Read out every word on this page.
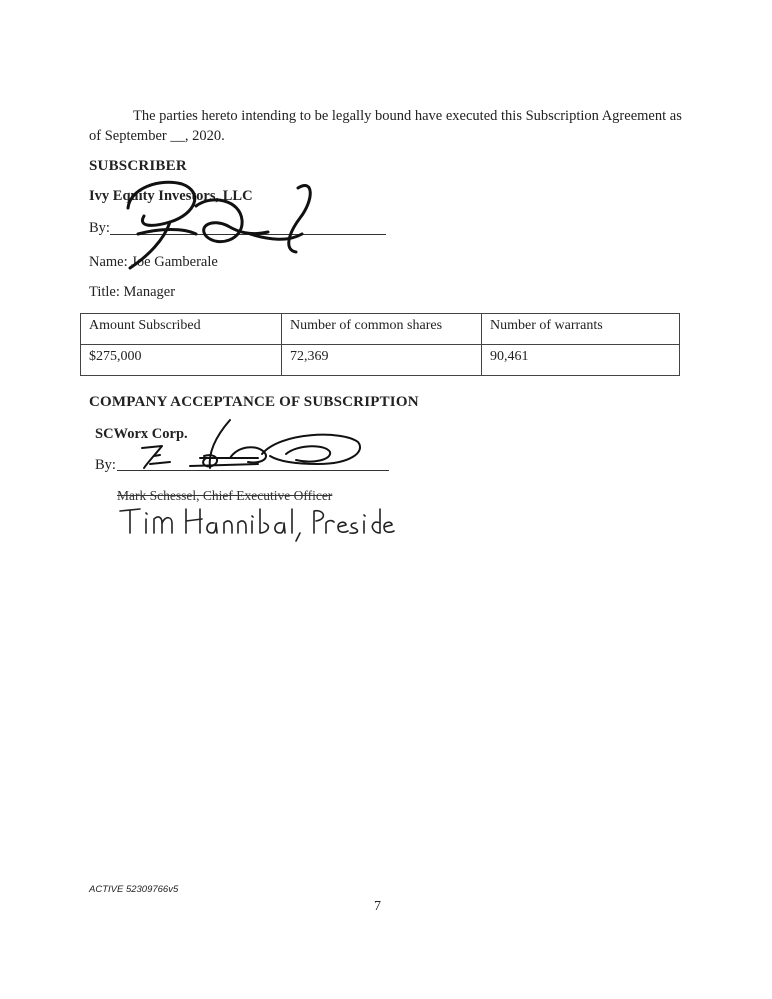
The parties hereto intending to be legally bound have executed this Subscription Agreement as

of September __, 2020.

SUBSCRIBER
Ivy Equity Investors, LLC
By:
Name: Joe Gamberale
Title: Manager
Amount Subscribed	Number of common shares	Number of warrants
$275,000	72,369	90,461
COMPANY ACCEPTANCE OF SUBSCRIPTION
SCWorx Corp.
By:
Mark Schessel, Chief Executive Officer
ACTIVE 52309766v5
7
